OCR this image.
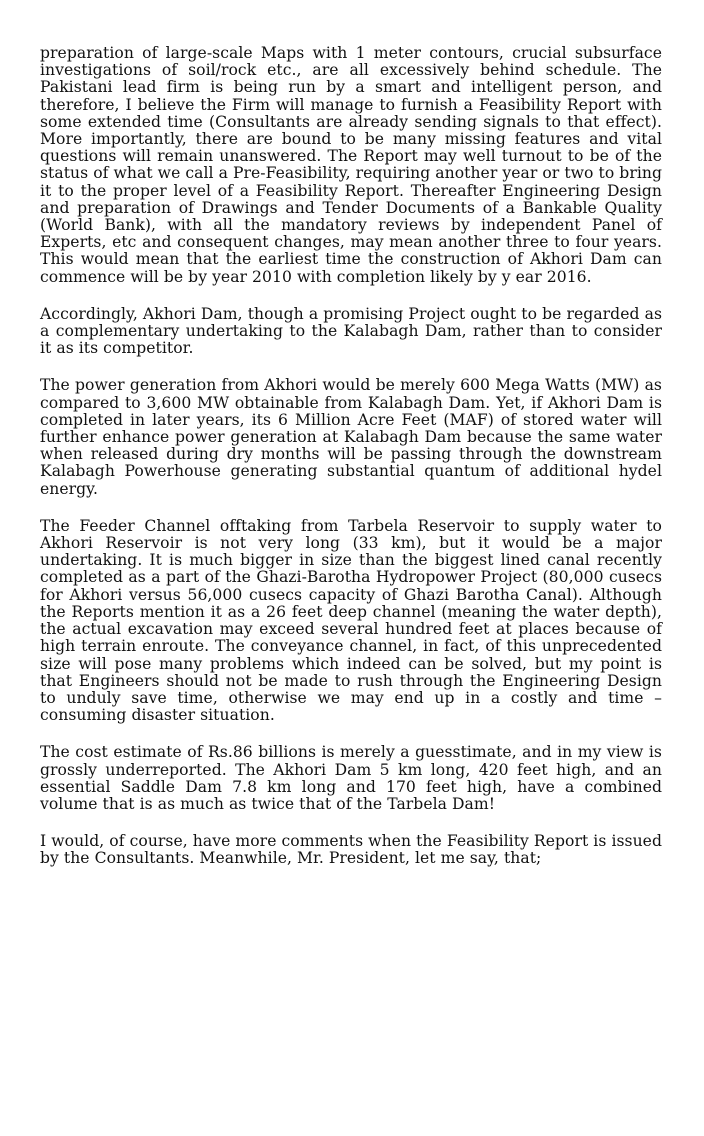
preparation of large-scale Maps with 1 meter contours, crucial subsurface investigations of soil/rock etc., are all excessively behind schedule. The Pakistani lead firm is being run by a smart and intelligent person, and therefore, I believe the Firm will manage to furnish a Feasibility Report with some extended time (Consultants are already sending signals to that effect). More importantly, there are bound to be many missing features and vital questions will remain unanswered. The Report may well turnout to be of the status of what we call a Pre-Feasibility, requiring another year or two to bring it to the proper level of a Feasibility Report. Thereafter Engineering Design and preparation of Drawings and Tender Documents of a Bankable Quality (World Bank), with all the mandatory reviews by independent Panel of Experts, etc and consequent changes, may mean another three to four years. This would mean that the earliest time the construction of Akhori Dam can commence will be by year 2010 with completion likely by y ear 2016.

Accordingly, Akhori Dam, though a promising Project ought to be regarded as a complementary undertaking to the Kalabagh Dam, rather than to consider it as its competitor.

The power generation from Akhori would be merely 600 Mega Watts (MW) as compared to 3,600 MW obtainable from Kalabagh Dam. Yet, if Akhori Dam is completed in later years, its 6 Million Acre Feet (MAF) of stored water will further enhance power generation at Kalabagh Dam because the same water when released during dry months will be passing through the downstream Kalabagh Powerhouse generating substantial quantum of additional hydel energy.

The Feeder Channel offtaking from Tarbela Reservoir to supply water to Akhori Reservoir is not very long (33 km), but it would be a major undertaking. It is much bigger in size than the biggest lined canal recently completed as a part of the Ghazi-Barotha Hydropower Project (80,000 cusecs for Akhori versus 56,000 cusecs capacity of Ghazi Barotha Canal). Although the Reports mention it as a 26 feet deep channel (meaning the water depth), the actual excavation may exceed several hundred feet at places because of high terrain enroute. The conveyance channel, in fact, of this unprecedented size will pose many problems which indeed can be solved, but my point is that Engineers should not be made to rush through the Engineering Design to unduly save time, otherwise we may end up in a costly and time – consuming disaster situation.

The cost estimate of Rs.86 billions is merely a guesstimate, and in my view is grossly underreported. The Akhori Dam 5 km long, 420 feet high, and an essential Saddle Dam 7.8 km long and 170 feet high, have a combined volume that is as much as twice that of the Tarbela Dam!

I would, of course, have more comments when the Feasibility Report is issued by the Consultants. Meanwhile, Mr. President, let me say, that;
